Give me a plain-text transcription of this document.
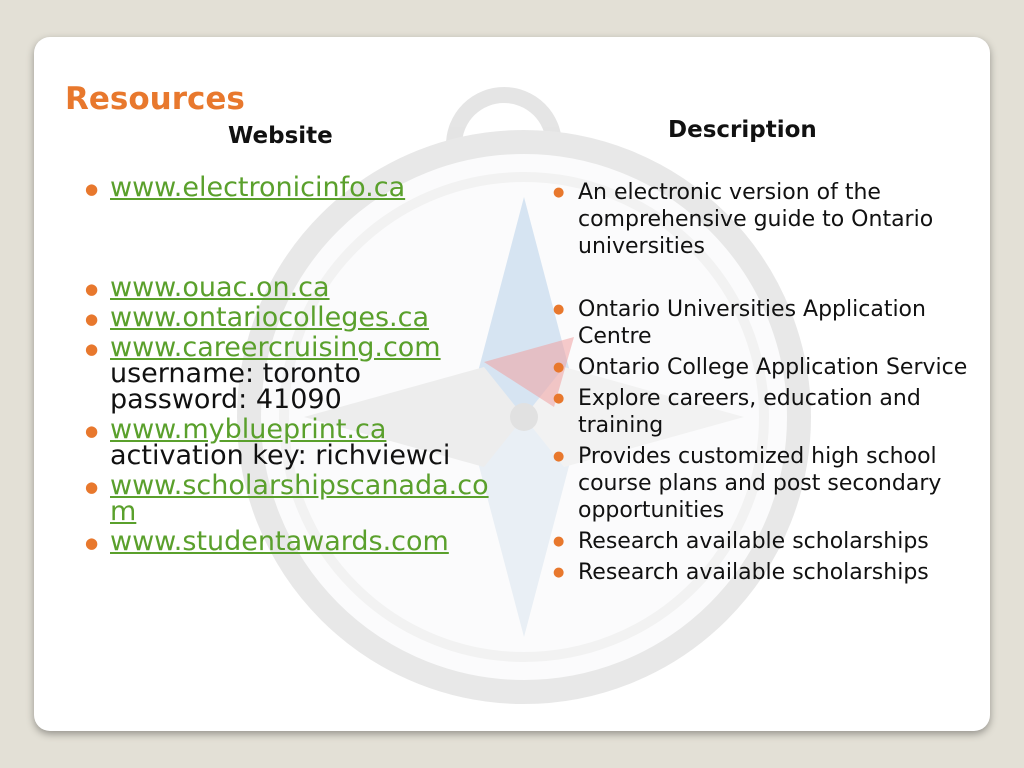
Resources
Website	Description
● www.electronicinfo.ca
● www.ouac.on.ca
● www.ontariocolleges.ca
● www.careercruising.com username: toronto password: 41090
● www.myblueprint.ca activation key: richviewci
● www.scholarshipscanada.com
● www.studentawards.com
● An electronic version of the comprehensive guide to Ontario universities
● Ontario Universities Application Centre
● Ontario College Application Service
● Explore careers, education and training
● Provides customized high school course plans and post secondary opportunities
● Research available scholarships
● Research available scholarships
